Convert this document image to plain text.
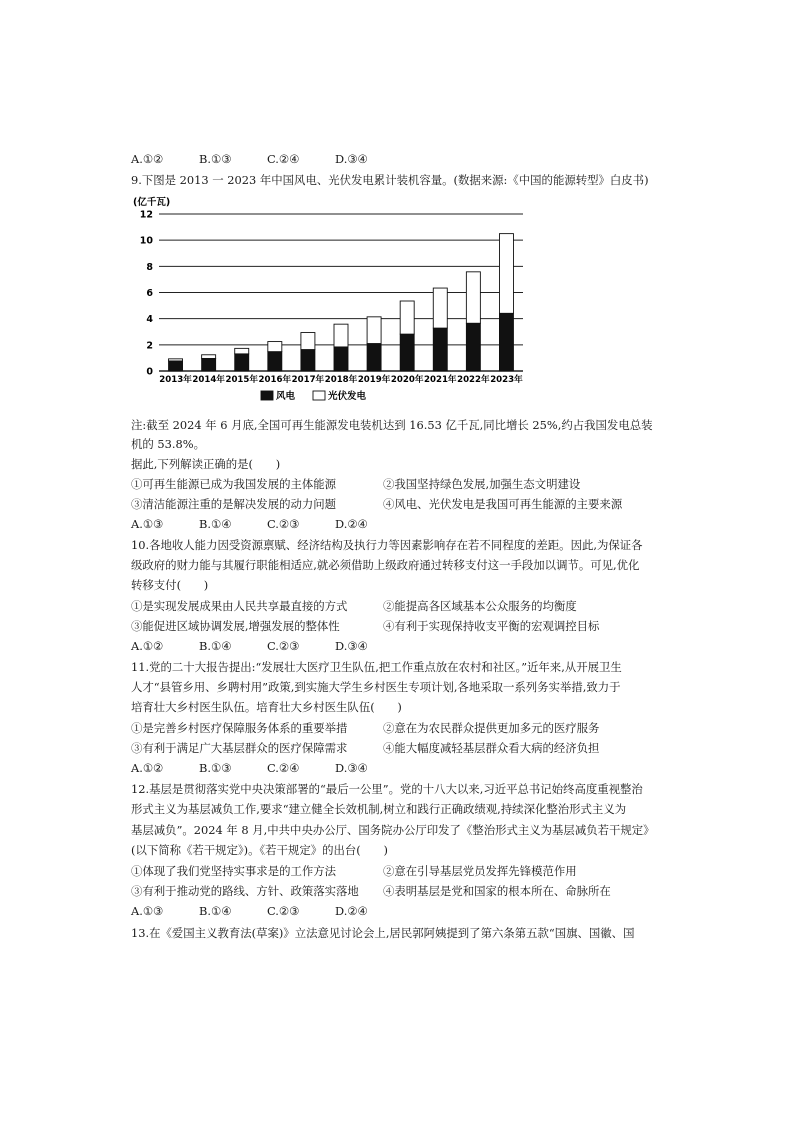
A.①②	B.①③	C.②④	D.③④
9.下图是 2013 一 2023 年中国风电、光伏发电累计装机容量。(数据来源:《中国的能源转型》白皮书)
(亿千瓦)
0
2
4
6
8
10
12
2013年 2014年 2015年 2016年 2017年 2018年 2019年 2020年 2021年 2022年 2023年
风电	光伏发电
注:截至 2024 年 6 月底,全国可再生能源发电装机达到 16.53 亿千瓦,同比增长 25%,约占我国发电总装
机的 53.8%。
据此,下列解读正确的是(　　)
①可再生能源已成为我国发展的主体能源	②我国坚持绿色发展,加强生态文明建设
③清洁能源注重的是解决发展的动力问题	④风电、光伏发电是我国可再生能源的主要来源
A.①③	B.①④	C.②③	D.②④
10.各地收人能力因受资源禀赋、经济结构及执行力等因素影响存在若不同程度的差距。因此,为保证各
级政府的财力能与其履行职能相适应,就必须借助上级政府通过转移支付这一手段加以调节。可见,优化
转移支付(　　)
①是实现发展成果由人民共享最直接的方式	②能提高各区域基本公众服务的均衡度
③能促进区域协调发展,增强发展的整体性	④有利于实现保持收支平衡的宏观调控目标
A.①②	B.①④	C.②③	D.③④
11.党的二十大报告提出:“发展壮大医疗卫生队伍,把工作重点放在农村和社区。”近年来,从开展卫生
人才“县管乡用、乡聘村用”政策,到实施大学生乡村医生专项计划,各地采取一系列务实举措,致力于
培育壮大乡村医生队伍。培育壮大乡村医生队伍(　　)
①是完善乡村医疗保障服务体系的重要举措	②意在为农民群众提供更加多元的医疗服务
③有利于满足广大基层群众的医疗保障需求	④能大幅度减轻基层群众看大病的经济负担
A.①②	B.①③	C.②④	D.③④
12.基层是贯彻落实党中央决策部署的“最后一公里”。党的十八大以来,习近平总书记始终高度重视整治
形式主义为基层减负工作,要求“建立健全长效机制,树立和践行正确政绩观,持续深化整治形式主义为
基层减负”。2024 年 8 月,中共中央办公厅、国务院办公厅印发了《整治形式主义为基层减负若干规定》
(以下简称《若干规定》)。《若干规定》的出台(　　)
①体现了我们党坚持实事求是的工作方法	②意在引导基层党员发挥先锋模范作用
③有利于推动党的路线、方针、政策落实落地	④表明基层是党和国家的根本所在、命脉所在
A.①③	B.①④	C.②③	D.②④
13.在《爱国主义教育法(草案)》立法意见讨论会上,居民郭阿姨提到了第六条第五款“国旗、国徽、国
